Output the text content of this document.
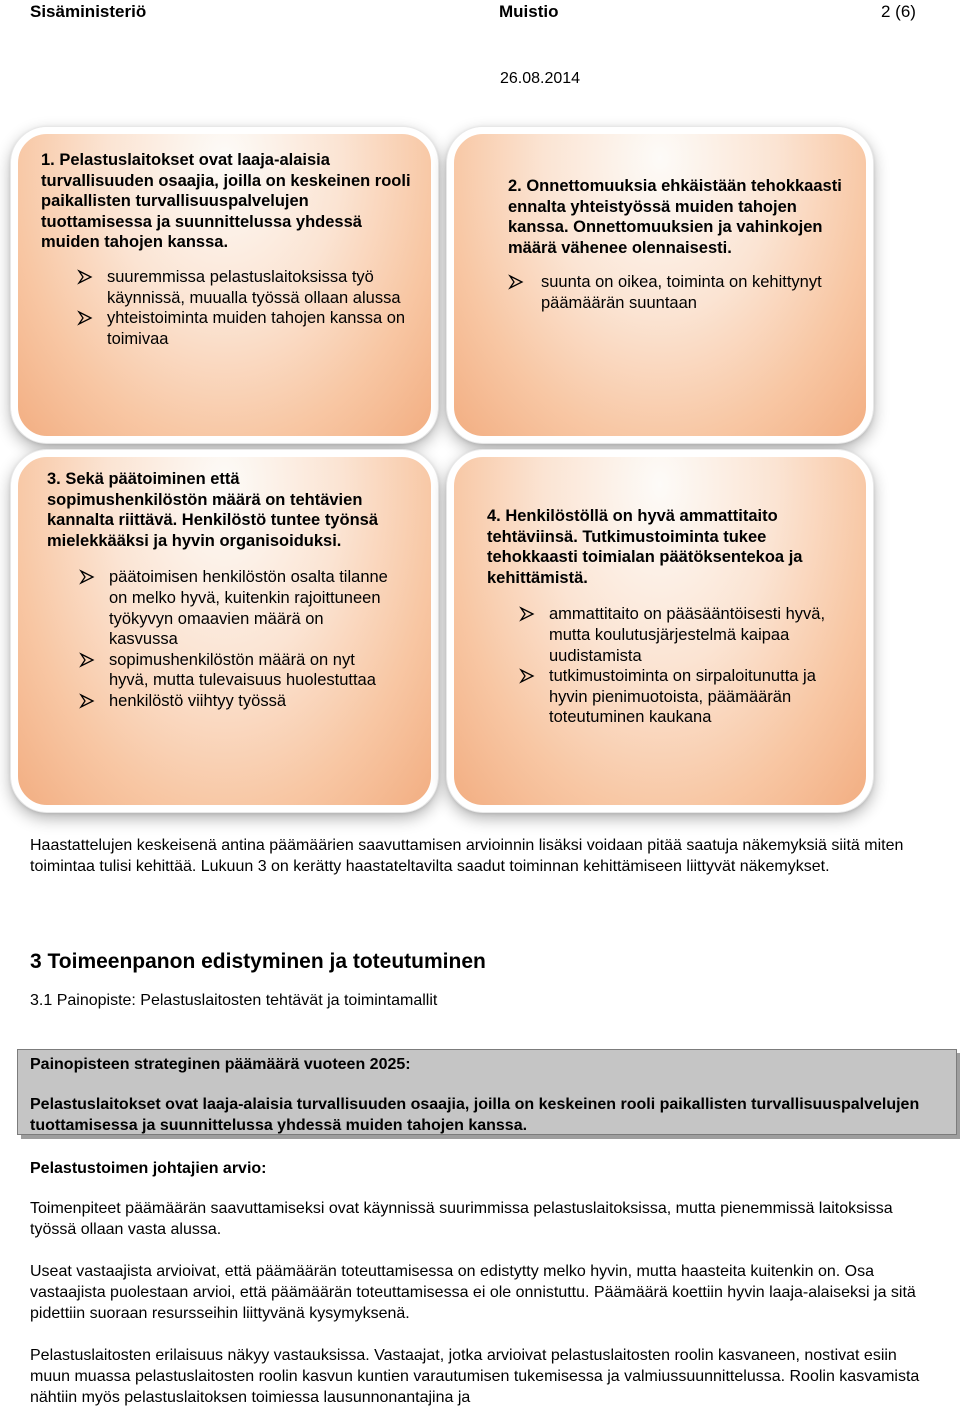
Sisäministeriö	Muistio	2 (6)
26.08.2014

1. Pelastuslaitokset ovat laaja-alaisia turvallisuuden osaajia, joilla on keskeinen rooli paikallisten turvallisuuspalvelujen tuottamisessa ja suunnittelussa yhdessä muiden tahojen kanssa.

suuremmissa pelastuslaitoksissa työ käynnissä, muualla työssä ollaan alussa
yhteistoiminta muiden tahojen kanssa on toimivaa

2. Onnettomuuksia ehkäistään tehokkaasti ennalta yhteistyössä muiden tahojen kanssa. Onnettomuuksien ja vahinkojen määrä vähenee olennaisesti.

suunta on oikea, toiminta on kehittynyt päämäärän suuntaan

3. Sekä päätoiminen että sopimushenkilöstön määrä on tehtävien kannalta riittävä. Henkilöstö tuntee työnsä mielekkääksi ja hyvin organisoiduksi.

päätoimisen henkilöstön osalta tilanne on melko hyvä, kuitenkin rajoittuneen työkyvyn omaavien määrä on kasvussa
sopimushenkilöstön määrä on nyt hyvä, mutta tulevaisuus huolestuttaa
henkilöstö viihtyy työssä

4. Henkilöstöllä on hyvä ammattitaito tehtäviinsä. Tutkimustoiminta tukee tehokkaasti toimialan päätöksentekoa ja kehittämistä.

ammattitaito on pääsääntöisesti hyvä, mutta koulutusjärjestelmä kaipaa uudistamista
tutkimustoiminta on sirpaloitunutta ja hyvin pienimuotoista, päämäärän toteutuminen kaukana

Haastattelujen keskeisenä antina päämäärien saavuttamisen arvioinnin lisäksi voidaan pitää saatuja näkemyksiä siitä miten toimintaa tulisi kehittää. Lukuun 3 on kerätty haastateltavilta saadut toiminnan kehittämiseen liittyvät näkemykset.

3 Toimeenpanon edistyminen ja toteutuminen
3.1 Painopiste: Pelastuslaitosten tehtävät ja toimintamallit

Painopisteen strateginen päämäärä vuoteen 2025:

Pelastuslaitokset ovat laaja-alaisia turvallisuuden osaajia, joilla on keskeinen rooli paikallisten turvallisuuspalvelujen tuottamisessa ja suunnittelussa yhdessä muiden tahojen kanssa.

Pelastustoimen johtajien arvio:

Toimenpiteet päämäärän saavuttamiseksi ovat käynnissä suurimmissa pelastuslaitoksissa, mutta pienemmissä laitoksissa työssä ollaan vasta alussa.

Useat vastaajista arvioivat, että päämäärän toteuttamisessa on edistytty melko hyvin, mutta haasteita kuitenkin on. Osa vastaajista puolestaan arvioi, että päämäärän toteuttamisessa ei ole onnistuttu. Päämäärä koettiin hyvin laaja-alaiseksi ja sitä pidettiin suoraan resursseihin liittyvänä kysymyksenä.

Pelastuslaitosten erilaisuus näkyy vastauksissa. Vastaajat, jotka arvioivat pelastuslaitosten roolin kasvaneen, nostivat esiin muun muassa pelastuslaitosten roolin kasvun kuntien varautumisen tukemisessa ja valmiussuunnittelussa. Roolin kasvamista nähtiin myös pelastuslaitoksen toimiessa lausunnonantajina ja
